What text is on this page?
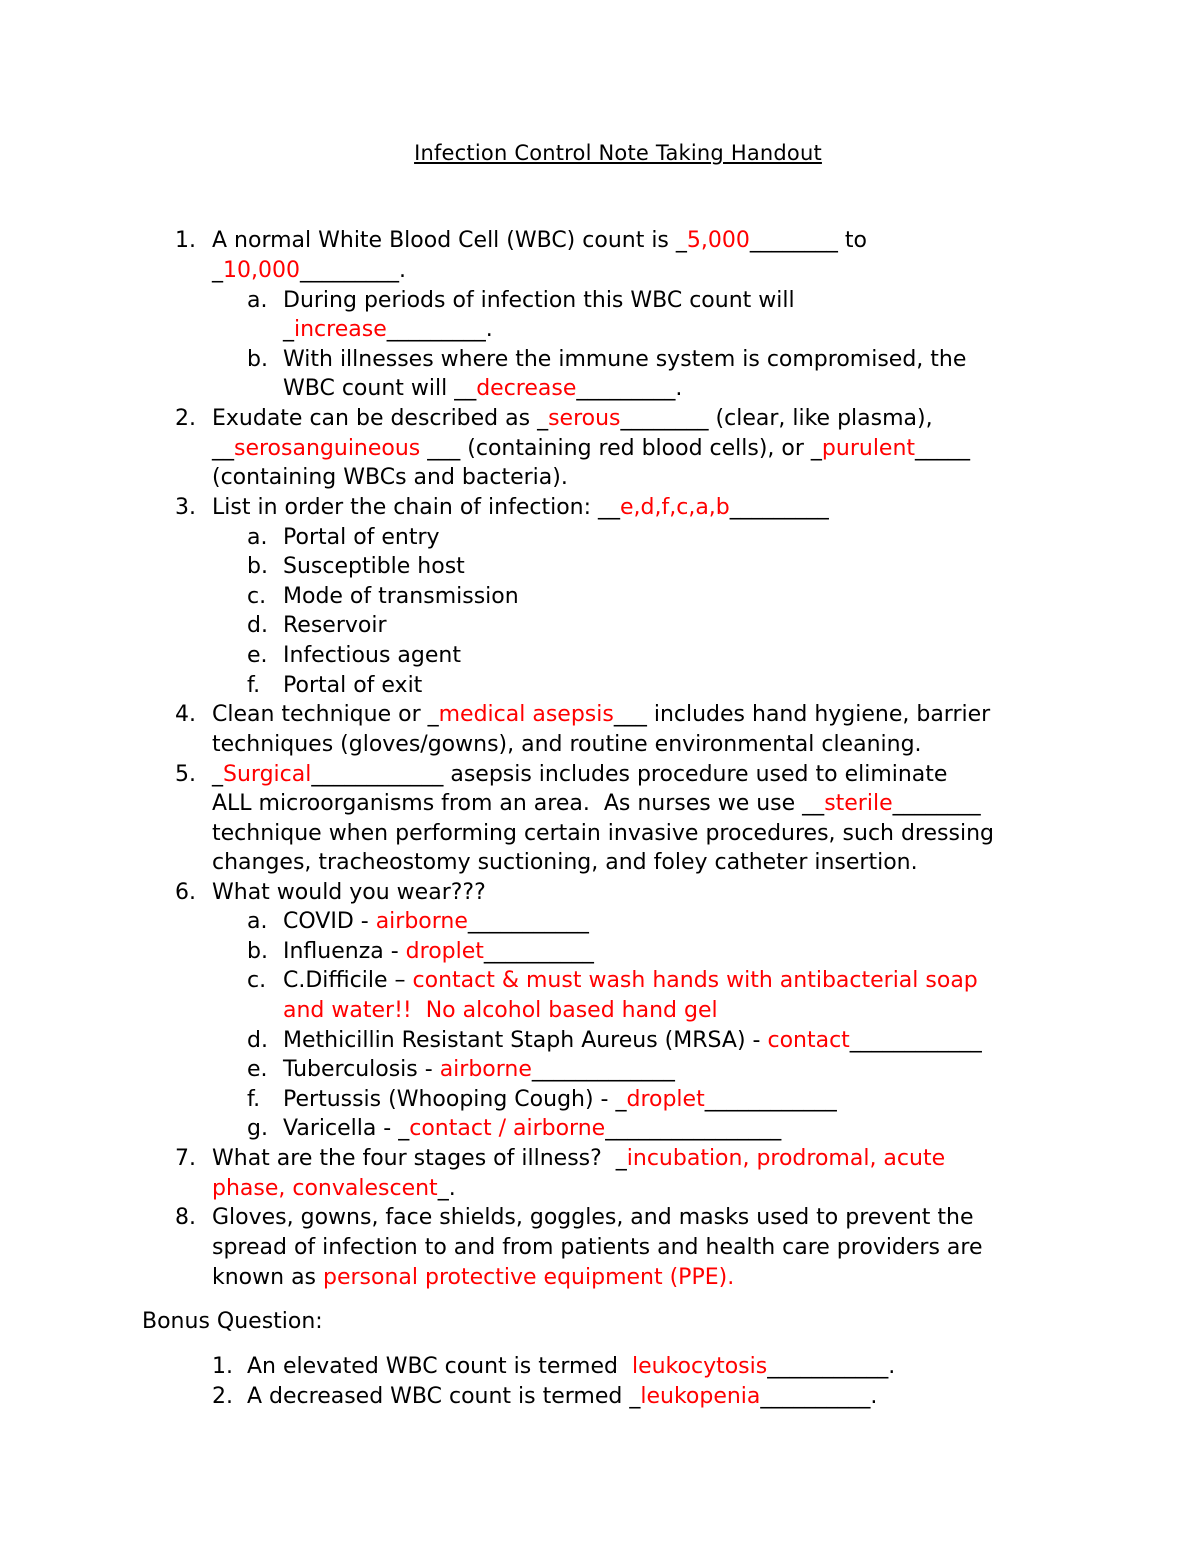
Infection Control Note Taking Handout
1. A normal White Blood Cell (WBC) count is _5,000________ to
_10,000_________.
a. During periods of infection this WBC count will
_increase_________.
b. With illnesses where the immune system is compromised, the
WBC count will __decrease_________.
2. Exudate can be described as _serous________ (clear, like plasma),
__serosanguineous ___ (containing red blood cells), or _purulent_____
(containing WBCs and bacteria).
3. List in order the chain of infection: __e,d,f,c,a,b_________
a. Portal of entry
b. Susceptible host
c. Mode of transmission
d. Reservoir
e. Infectious agent
f. Portal of exit
4. Clean technique or _medical asepsis___ includes hand hygiene, barrier
techniques (gloves/gowns), and routine environmental cleaning.
5. _Surgical____________ asepsis includes procedure used to eliminate
ALL microorganisms from an area.  As nurses we use __sterile________
technique when performing certain invasive procedures, such dressing
changes, tracheostomy suctioning, and foley catheter insertion.
6. What would you wear???
a. COVID - airborne___________
b. Influenza - droplet__________
c. C.Difficile – contact & must wash hands with antibacterial soap
and water!!  No alcohol based hand gel
d. Methicillin Resistant Staph Aureus (MRSA) - contact____________
e. Tuberculosis - airborne_____________
f. Pertussis (Whooping Cough) - _droplet____________
g. Varicella - _contact / airborne________________
7. What are the four stages of illness?  _incubation, prodromal, acute
phase, convalescent_.
8. Gloves, gowns, face shields, goggles, and masks used to prevent the
spread of infection to and from patients and health care providers are
known as personal protective equipment (PPE).
Bonus Question:
1. An elevated WBC count is termed  leukocytosis___________.
2. A decreased WBC count is termed _leukopenia__________.
